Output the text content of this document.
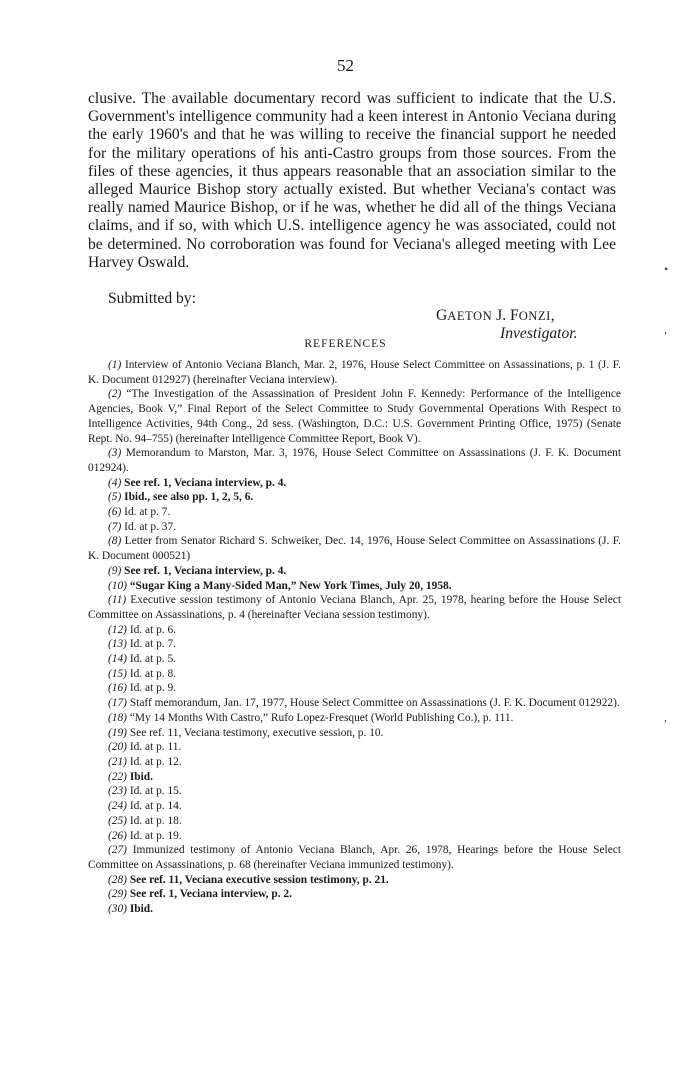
52

clusive. The available documentary record was sufficient to indicate that the U.S. Government's intelligence community had a keen interest in Antonio Veciana during the early 1960's and that he was willing to receive the financial support he needed for the military operations of his anti-Castro groups from those sources. From the files of these agencies, it thus appears reasonable that an association similar to the alleged Maurice Bishop story actually existed. But whether Veciana's contact was really named Maurice Bishop, or if he was, whether he did all of the things Veciana claims, and if so, with which U.S. intelligence agency he was associated, could not be determined. No corroboration was found for Veciana's alleged meeting with Lee Harvey Oswald.

Submitted by:
GAETON J. FONZI,
Investigator.
REFERENCES

(1) Interview of Antonio Veciana Blanch, Mar. 2, 1976, House Select Committee on Assassinations, p. 1 (J. F. K. Document 012927) (hereinafter Veciana interview).

(2) “The Investigation of the Assassination of President John F. Kennedy: Performance of the Intelligence Agencies, Book V,” Final Report of the Select Committee to Study Governmental Operations With Respect to Intelligence Activities, 94th Cong., 2d sess. (Washington, D.C.: U.S. Government Printing Office, 1975) (Senate Rept. No. 94–755) (hereinafter Intelligence Committee Report, Book V).

(3) Memorandum to Marston, Mar. 3, 1976, House Select Committee on Assassinations (J. F. K. Document 012924).

(4) See ref. 1, Veciana interview, p. 4.

(5) Ibid., see also pp. 1, 2, 5, 6.

(6) Id. at p. 7.

(7) Id. at p. 37.

(8) Letter from Senator Richard S. Schweiker, Dec. 14, 1976, House Select Committee on Assassinations (J. F. K. Document 000521)

(9) See ref. 1, Veciana interview, p. 4.

(10) “Sugar King a Many-Sided Man,” New York Times, July 20, 1958.

(11) Executive session testimony of Antonio Veciana Blanch, Apr. 25, 1978, hearing before the House Select Committee on Assassinations, p. 4 (hereinafter Veciana session testimony).

(12) Id. at p. 6.

(13) Id. at p. 7.

(14) Id. at p. 5.

(15) Id. at p. 8.

(16) Id. at p. 9.

(17) Staff memorandum, Jan. 17, 1977, House Select Committee on Assassinations (J. F. K. Document 012922).

(18) “My 14 Months With Castro,” Rufo Lopez-Fresquet (World Publishing Co.), p. 111.

(19) See ref. 11, Veciana testimony, executive session, p. 10.

(20) Id. at p. 11.

(21) Id. at p. 12.

(22) Ibid.

(23) Id. at p. 15.

(24) Id. at p. 14.

(25) Id. at p. 18.

(26) Id. at p. 19.

(27) Immunized testimony of Antonio Veciana Blanch, Apr. 26, 1978, Hearings before the House Select Committee on Assassinations, p. 68 (hereinafter Veciana immunized testimony).

(28) See ref. 11, Veciana executive session testimony, p. 21.

(29) See ref. 1, Veciana interview, p. 2.

(30) Ibid.

•
,
,
